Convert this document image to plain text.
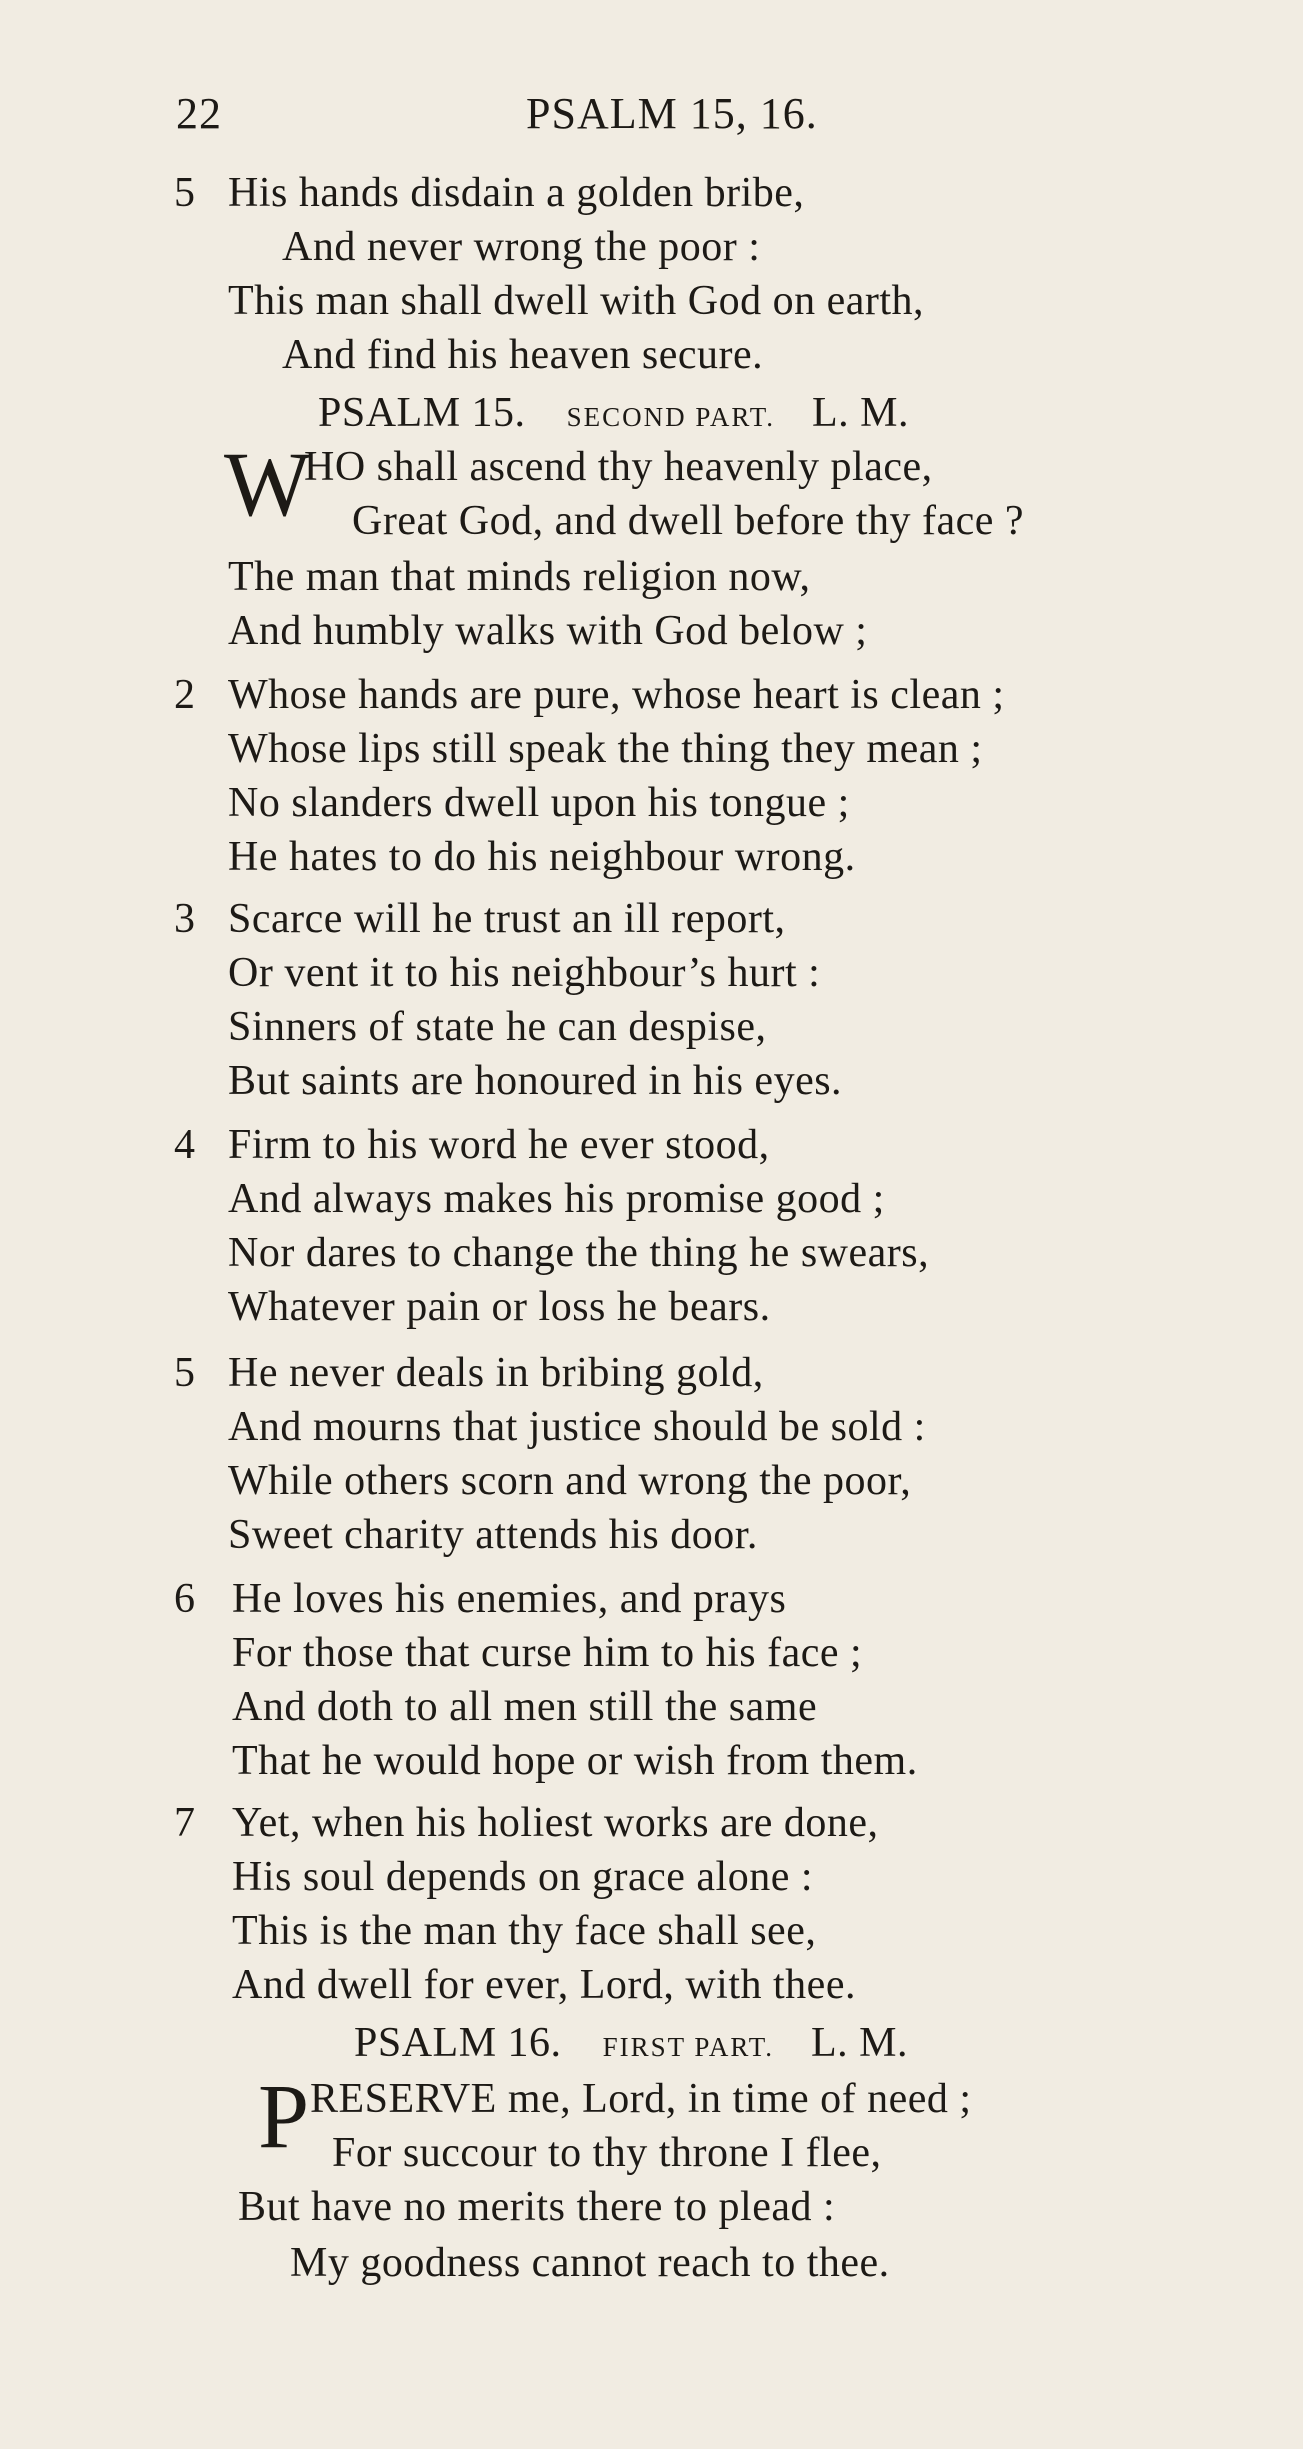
22	PSALM 15, 16.
5 His hands disdain a golden bribe,
And never wrong the poor :
This man shall dwell with God on earth,
And find his heaven secure.
PSALM 15. SECOND PART. L. M.
W
HO shall ascend thy heavenly place,
Great God, and dwell before thy face ?
The man that minds religion now,
And humbly walks with God below ;
2 Whose hands are pure, whose heart is clean ;
Whose lips still speak the thing they mean ;
No slanders dwell upon his tongue ;
He hates to do his neighbour wrong.
3 Scarce will he trust an ill report,
Or vent it to his neighbour’s hurt :
Sinners of state he can despise,
But saints are honoured in his eyes.
4 Firm to his word he ever stood,
And always makes his promise good ;
Nor dares to change the thing he swears,
Whatever pain or loss he bears.
5 He never deals in bribing gold,
And mourns that justice should be sold :
While others scorn and wrong the poor,
Sweet charity attends his door.
6 He loves his enemies, and prays
For those that curse him to his face ;
And doth to all men still the same
That he would hope or wish from them.
7 Yet, when his holiest works are done,
His soul depends on grace alone :
This is the man thy face shall see,
And dwell for ever, Lord, with thee.
PSALM 16. FIRST PART. L. M.
P RESERVE me, Lord, in time of need ;
For succour to thy throne I flee,
But have no merits there to plead :
My goodness cannot reach to thee.
